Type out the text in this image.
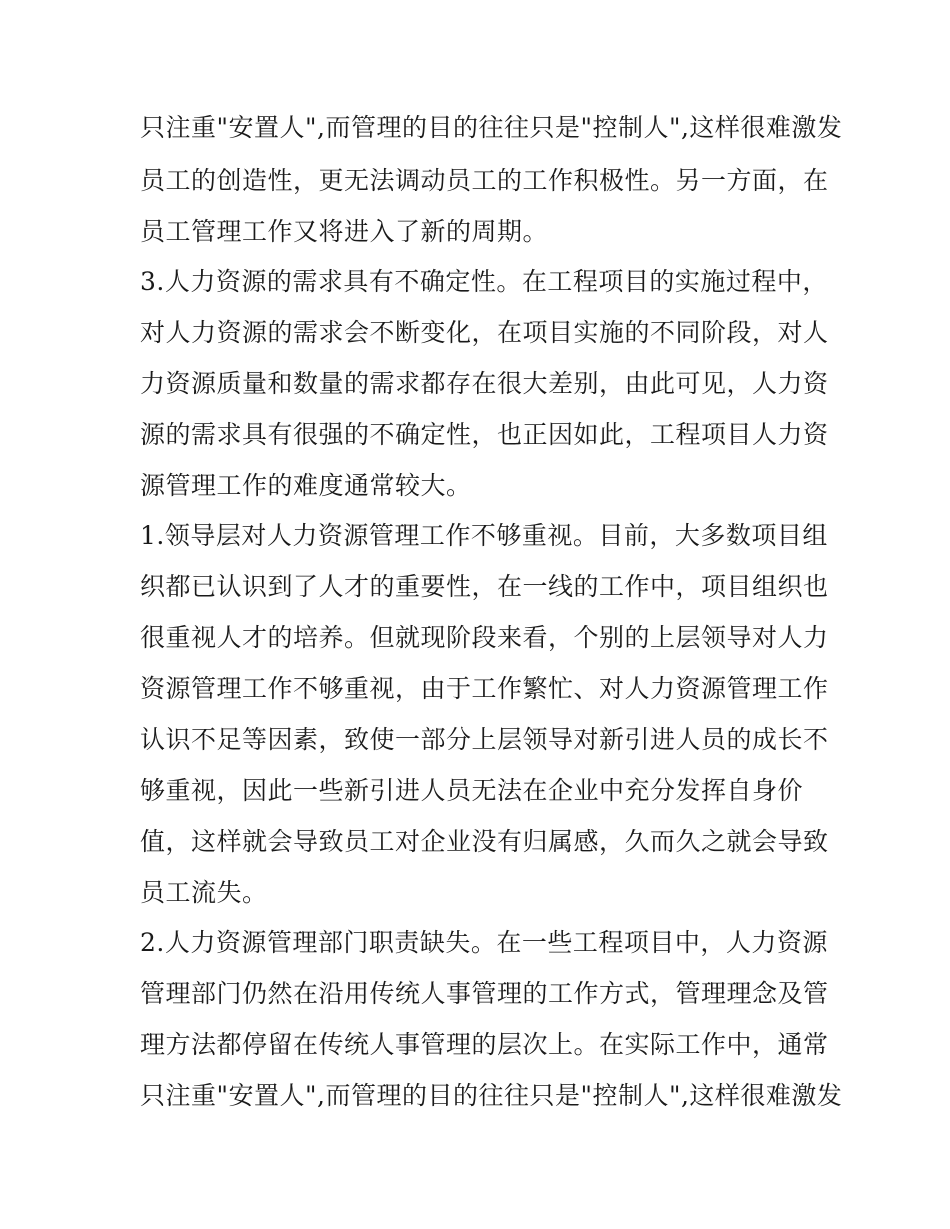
只注重"安置人",而管理的目的往往只是"控制人",这样很难激发

员工的创造性，更无法调动员工的工作积极性。另一方面，在

员工管理工作又将进入了新的周期。

3.人力资源的需求具有不确定性。在工程项目的实施过程中，

对人力资源的需求会不断变化，在项目实施的不同阶段，对人

力资源质量和数量的需求都存在很大差别，由此可见，人力资

源的需求具有很强的不确定性，也正因如此，工程项目人力资

源管理工作的难度通常较大。

1.领导层对人力资源管理工作不够重视。目前，大多数项目组

织都已认识到了人才的重要性，在一线的工作中，项目组织也

很重视人才的培养。但就现阶段来看，个别的上层领导对人力

资源管理工作不够重视，由于工作繁忙、对人力资源管理工作

认识不足等因素，致使一部分上层领导对新引进人员的成长不

够重视，因此一些新引进人员无法在企业中充分发挥自身价

值，这样就会导致员工对企业没有归属感，久而久之就会导致

员工流失。

2.人力资源管理部门职责缺失。在一些工程项目中，人力资源

管理部门仍然在沿用传统人事管理的工作方式，管理理念及管

理方法都停留在传统人事管理的层次上。在实际工作中，通常

只注重"安置人",而管理的目的往往只是"控制人",这样很难激发
